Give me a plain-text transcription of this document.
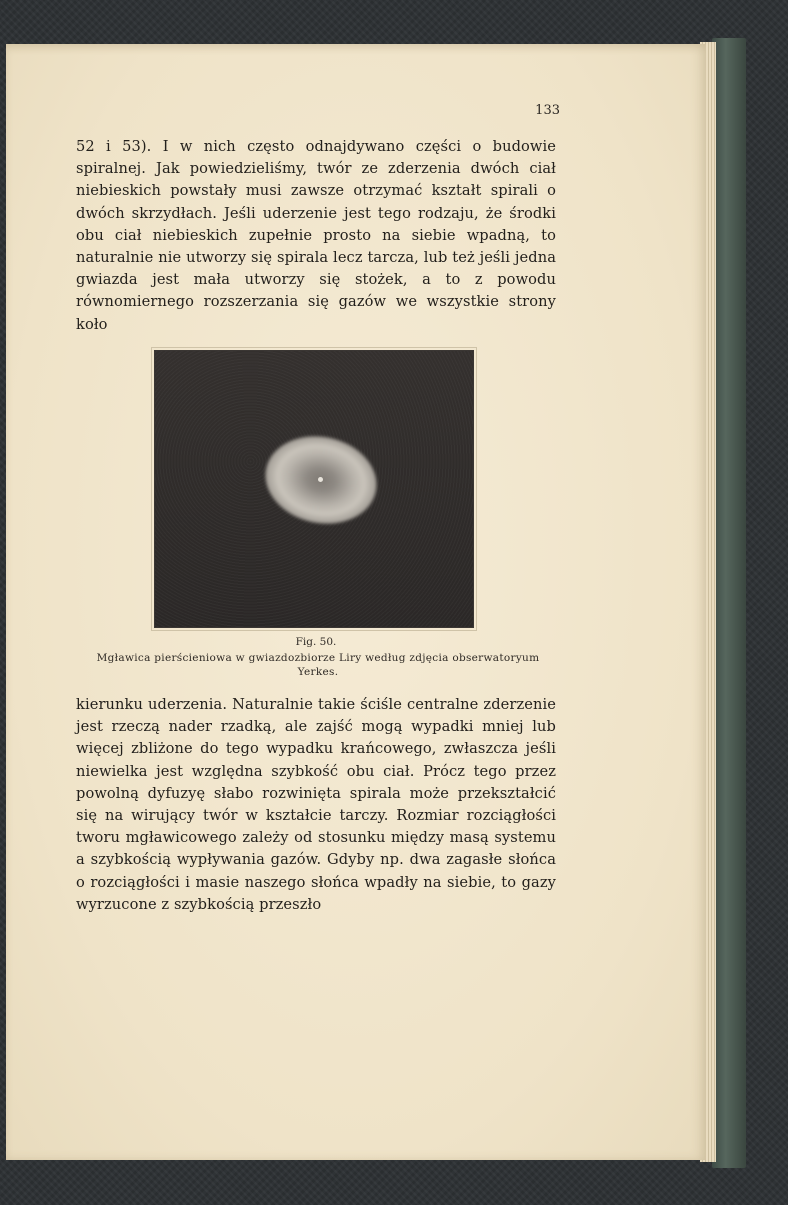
133

52 i 53). I w nich często odnajdywano części o budowie spiralnej. Jak powiedzieliśmy, twór ze zderzenia dwóch ciał niebieskich powstały musi zawsze otrzymać kształt spirali o dwóch skrzydłach. Jeśli uderzenie jest tego rodzaju, że środki obu ciał niebieskich zupełnie prosto na siebie wpadną, to naturalnie nie utworzy się spirala lecz tarcza, lub też jeśli jedna gwiazda jest mała utworzy się stożek, a to z powodu równomiernego rozszerzania się gazów we wszystkie strony koło

Fig. 50.

Mgławica pierścieniowa w gwiazdozbiorze Liry według zdjęcia obserwatoryum Yerkes.

kierunku uderzenia. Naturalnie takie ściśle centralne zderzenie jest rzeczą nader rzadką, ale zajść mogą wypadki mniej lub więcej zbliżone do tego wypadku krańcowego, zwłaszcza jeśli niewielka jest względna szybkość obu ciał. Prócz tego przez powolną dyfuzyę słabo rozwinięta spirala może przekształcić się na wirujący twór w kształcie tarczy. Rozmiar rozciągłości tworu mgławicowego zależy od stosunku między masą systemu a szybkością wypływania gazów. Gdyby np. dwa zagasłe słońca o rozciągłości i masie naszego słońca wpadły na siebie, to gazy wyrzucone z szybkością przeszło
